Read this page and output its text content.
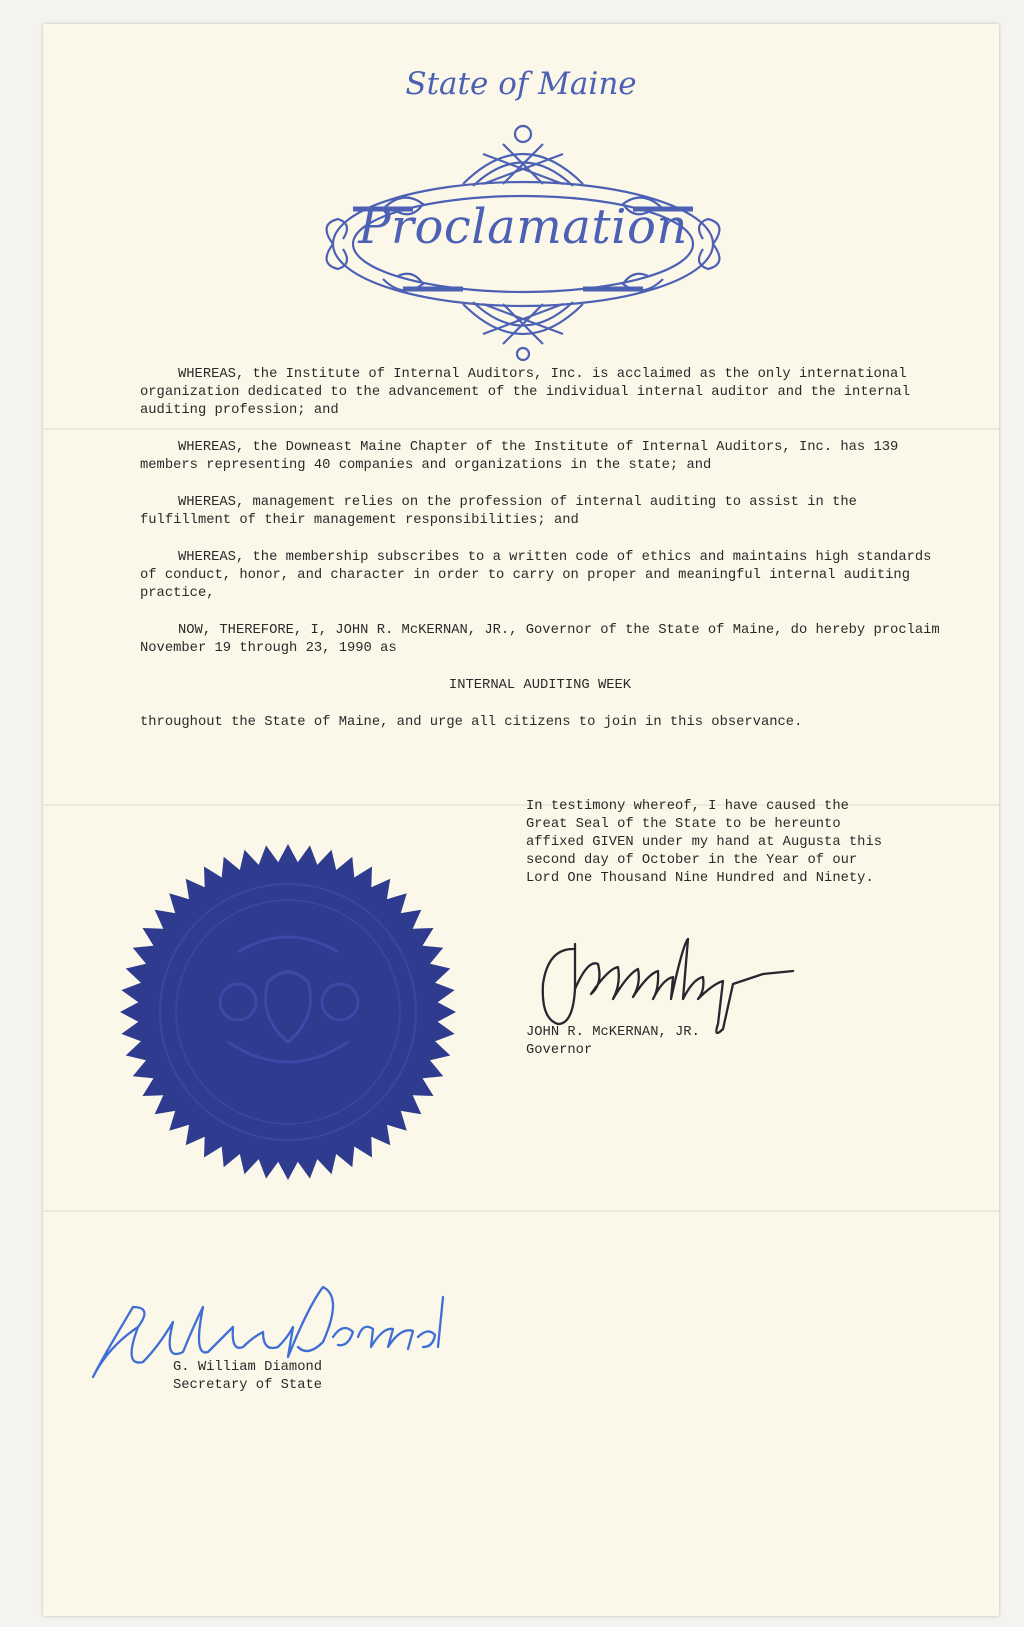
State of Maine
Proclamation

WHEREAS, the Institute of Internal Auditors, Inc. is acclaimed as the only international organization dedicated to the advancement of the individual internal auditor and the internal auditing profession; and

WHEREAS, the Downeast Maine Chapter of the Institute of Internal Auditors, Inc. has 139 members representing 40 companies and organizations in the state; and

WHEREAS, management relies on the profession of internal auditing to assist in the fulfillment of their management responsibilities; and

WHEREAS, the membership subscribes to a written code of ethics and maintains high standards of conduct, honor, and character in order to carry on proper and meaningful internal auditing practice,

NOW, THEREFORE, I, JOHN R. McKERNAN, JR., Governor of the State of Maine, do hereby proclaim November 19 through 23, 1990 as

INTERNAL AUDITING WEEK

throughout the State of Maine, and urge all citizens to join in this observance.

In testimony whereof, I have caused the Great Seal of the State to be hereunto affixed GIVEN under my hand at Augusta this second day of October in the Year of our Lord One Thousand Nine Hundred and Ninety.

JOHN R. McKERNAN, JR.
Governor
G. William Diamond
Secretary of State
